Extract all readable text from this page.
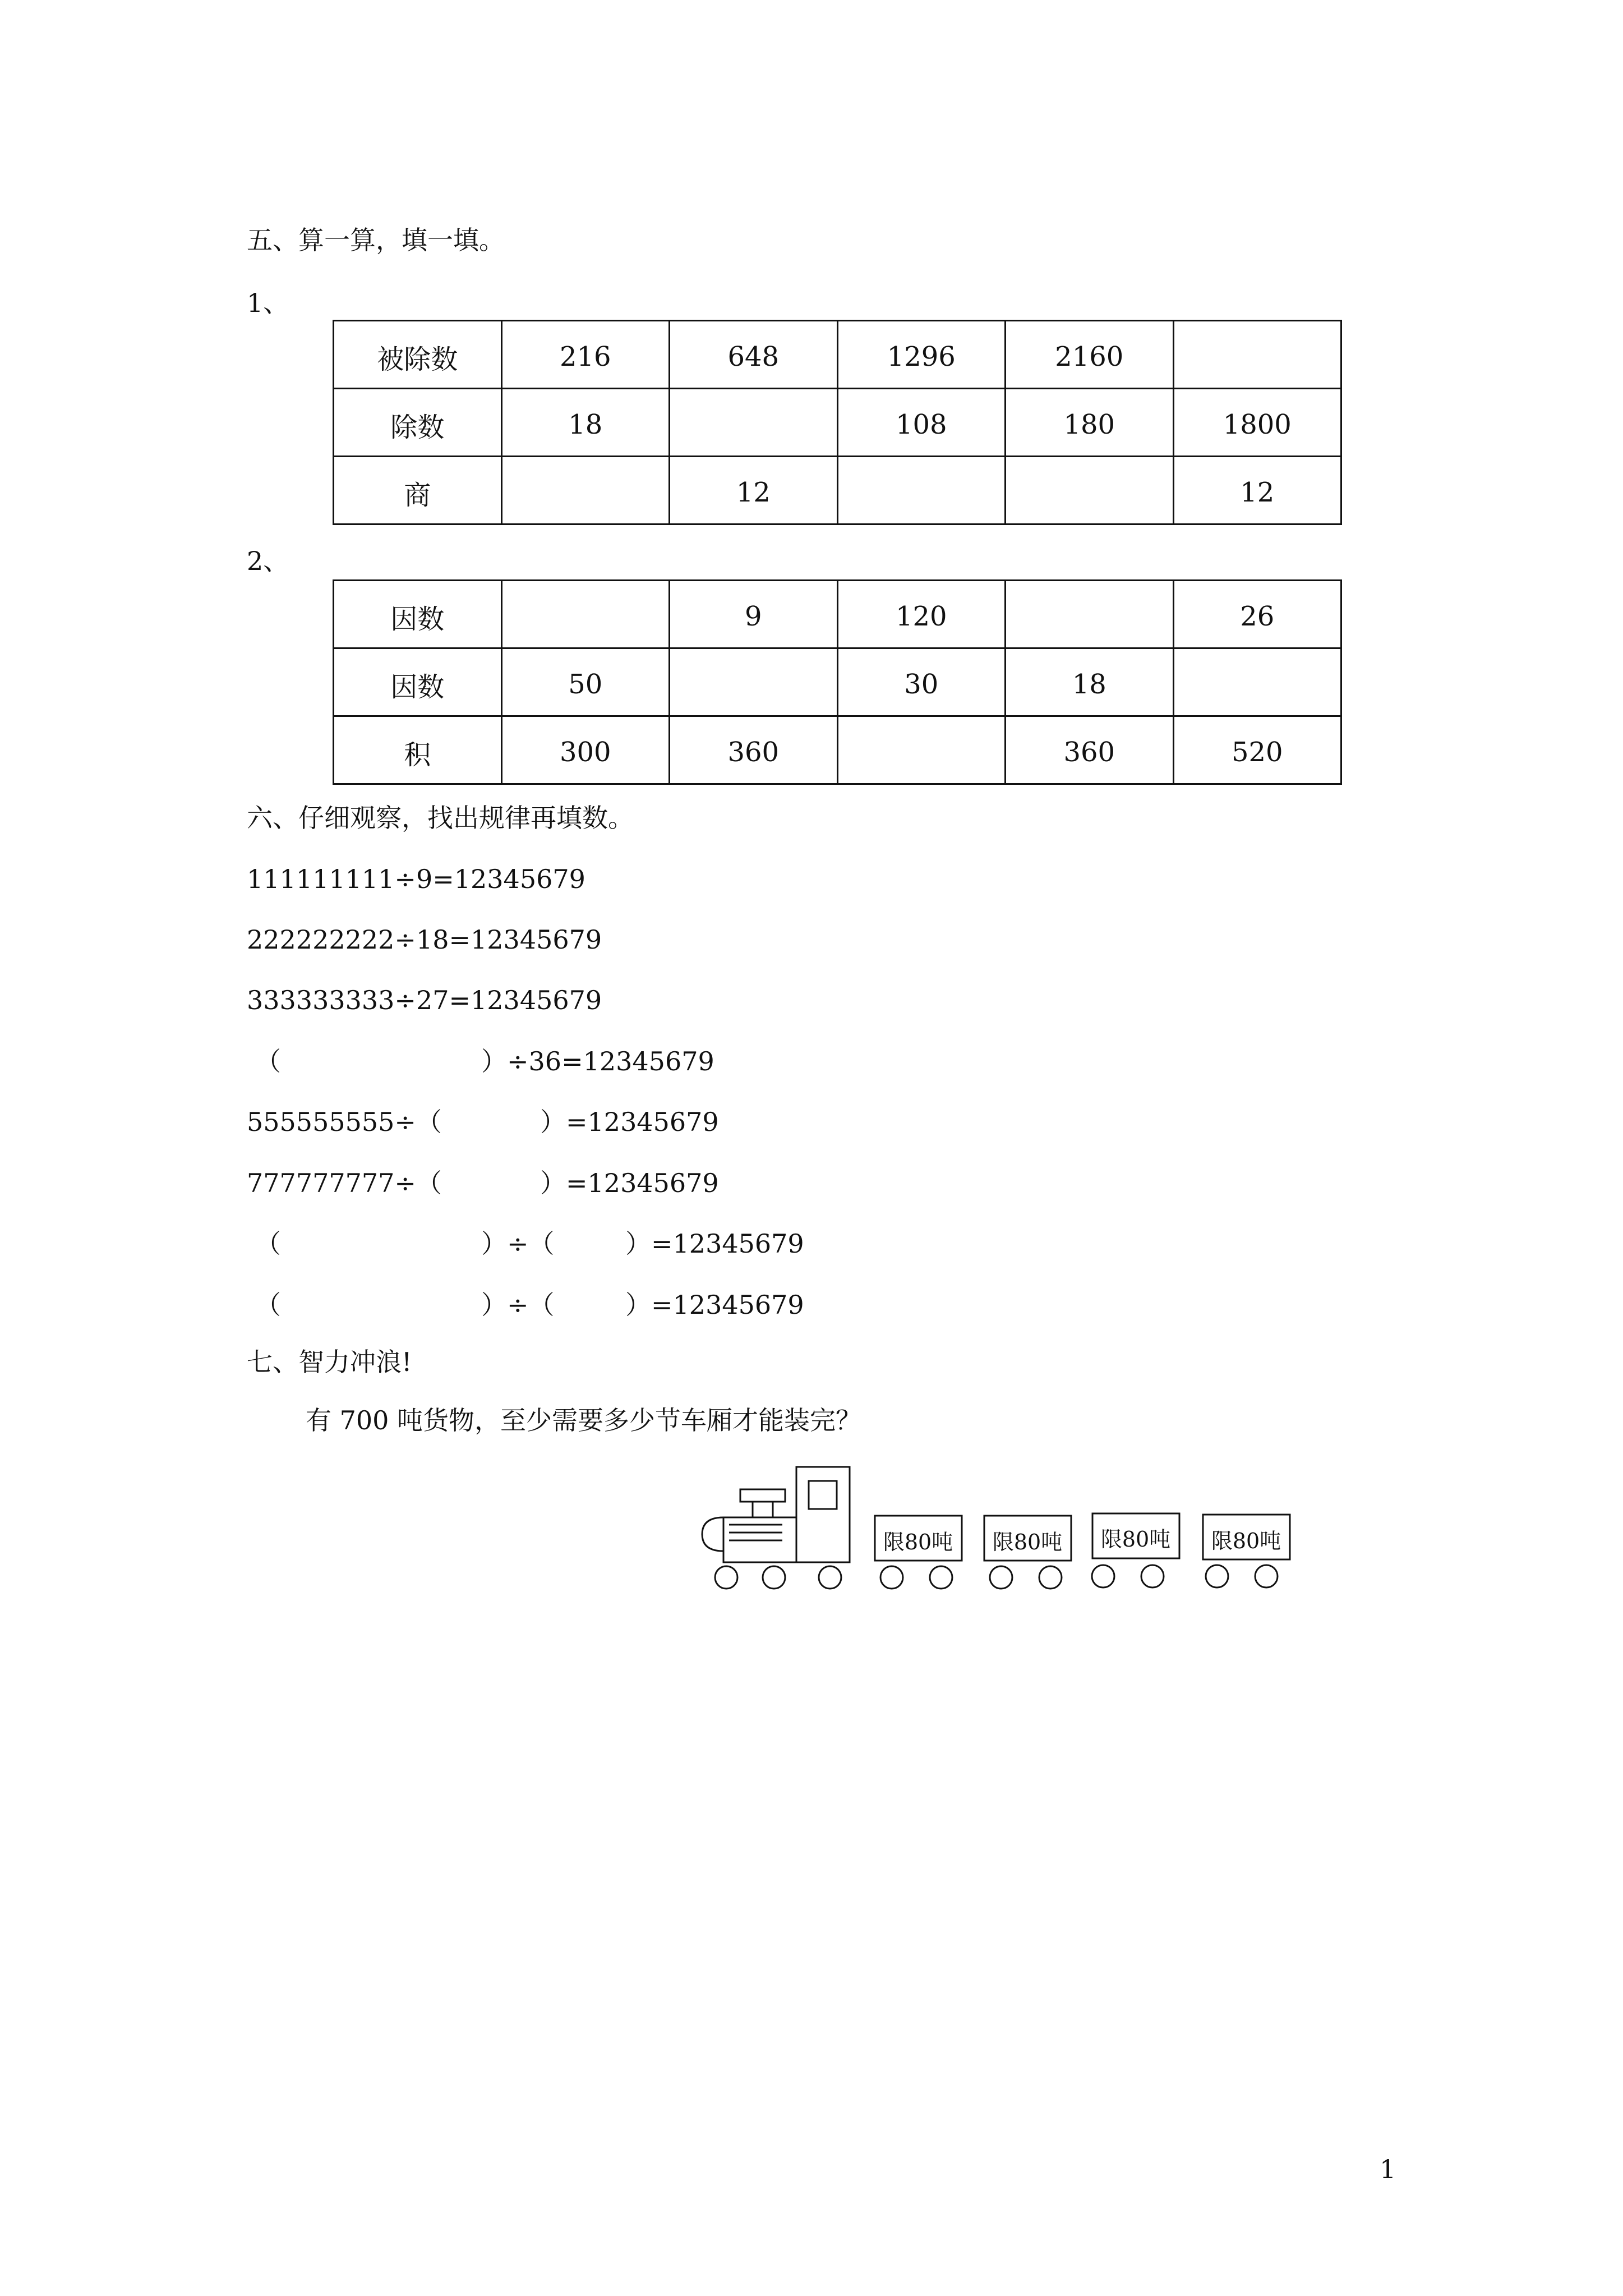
五、算一算，填一填。
1、
被除数	216	648	1296	2160	
除数	18		108	180	1800
商		12			12
2、
因数		9	120		26
因数	50		30	18	
积	300	360		360	520
六、仔细观察，找出规律再填数。
111111111÷9=12345679
222222222÷18=12345679
333333333÷27=12345679
（	）÷36=12345679
555555555÷（	）=12345679
777777777÷（	）=12345679
（	）÷（	）=12345679
（	）÷（	）=12345679
七、智力冲浪!
有 700 吨货物，至少需要多少节车厢才能装完？
限80吨 限80吨 限80吨 限80吨
1
